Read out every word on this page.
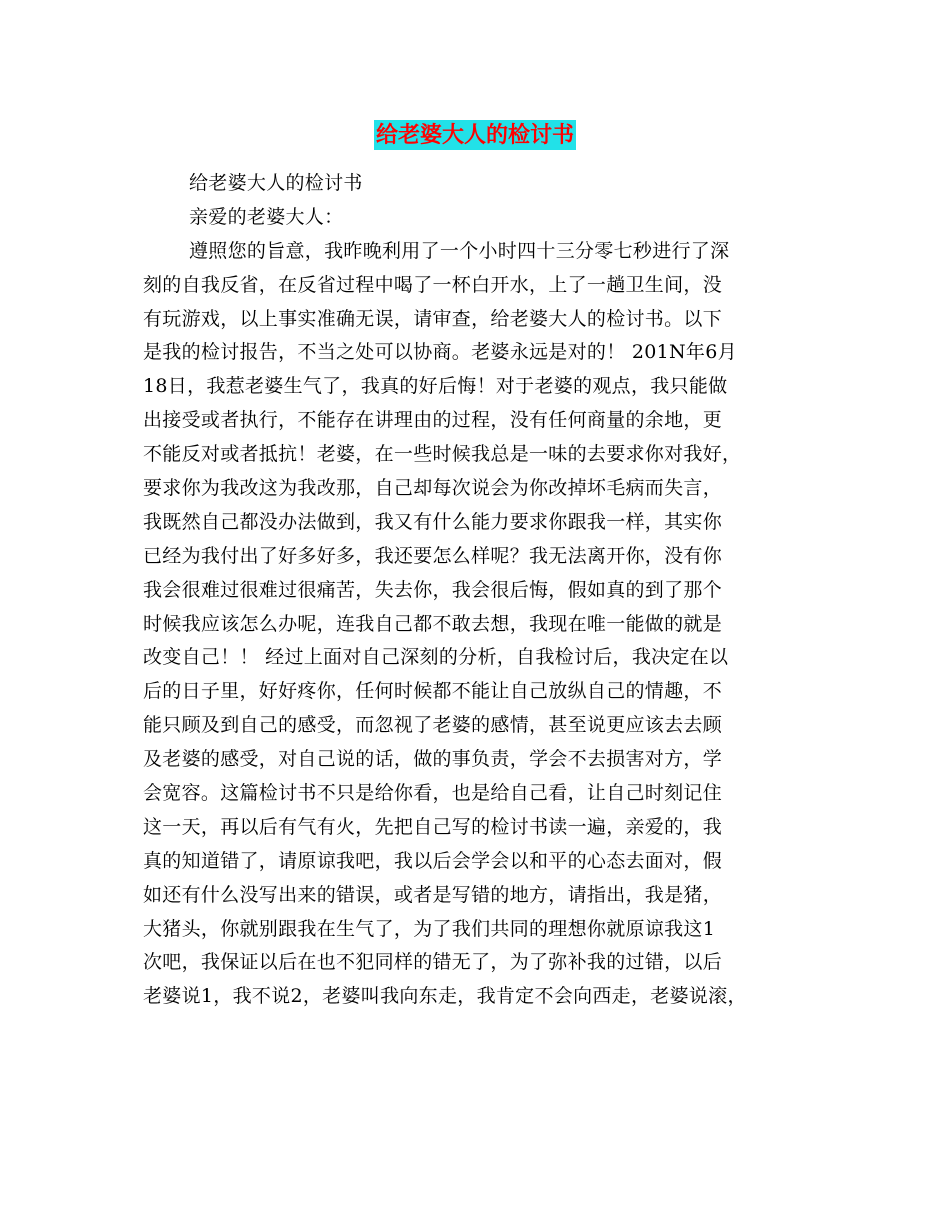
给老婆大人的检讨书
给老婆大人的检讨书
亲爱的老婆大人：
遵照您的旨意，我昨晚利用了一个小时四十三分零七秒进行了深
刻的自我反省，在反省过程中喝了一杯白开水，上了一趟卫生间，没
有玩游戏，以上事实准确无误，请审查，给老婆大人的检讨书。以下
是我的检讨报告，不当之处可以协商。老婆永远是对的！ 201N年6月
18日，我惹老婆生气了，我真的好后悔！对于老婆的观点，我只能做
出接受或者执行，不能存在讲理由的过程，没有任何商量的余地，更
不能反对或者抵抗！老婆，在一些时候我总是一味的去要求你对我好，
要求你为我改这为我改那，自己却每次说会为你改掉坏毛病而失言，
我既然自己都没办法做到，我又有什么能力要求你跟我一样，其实你
已经为我付出了好多好多，我还要怎么样呢？我无法离开你，没有你
我会很难过很难过很痛苦，失去你，我会很后悔，假如真的到了那个
时候我应该怎么办呢，连我自己都不敢去想，我现在唯一能做的就是
改变自己！！ 经过上面对自己深刻的分析，自我检讨后，我决定在以
后的日子里，好好疼你，任何时候都不能让自己放纵自己的情趣，不
能只顾及到自己的感受，而忽视了老婆的感情，甚至说更应该去去顾
及老婆的感受，对自己说的话，做的事负责，学会不去损害对方，学
会宽容。这篇检讨书不只是给你看，也是给自己看，让自己时刻记住
这一天，再以后有气有火，先把自己写的检讨书读一遍，亲爱的，我
真的知道错了，请原谅我吧，我以后会学会以和平的心态去面对，假
如还有什么没写出来的错误，或者是写错的地方，请指出，我是猪，
大猪头，你就别跟我在生气了，为了我们共同的理想你就原谅我这1
次吧，我保证以后在也不犯同样的错无了，为了弥补我的过错，以后
老婆说1，我不说2，老婆叫我向东走，我肯定不会向西走，老婆说滚，
